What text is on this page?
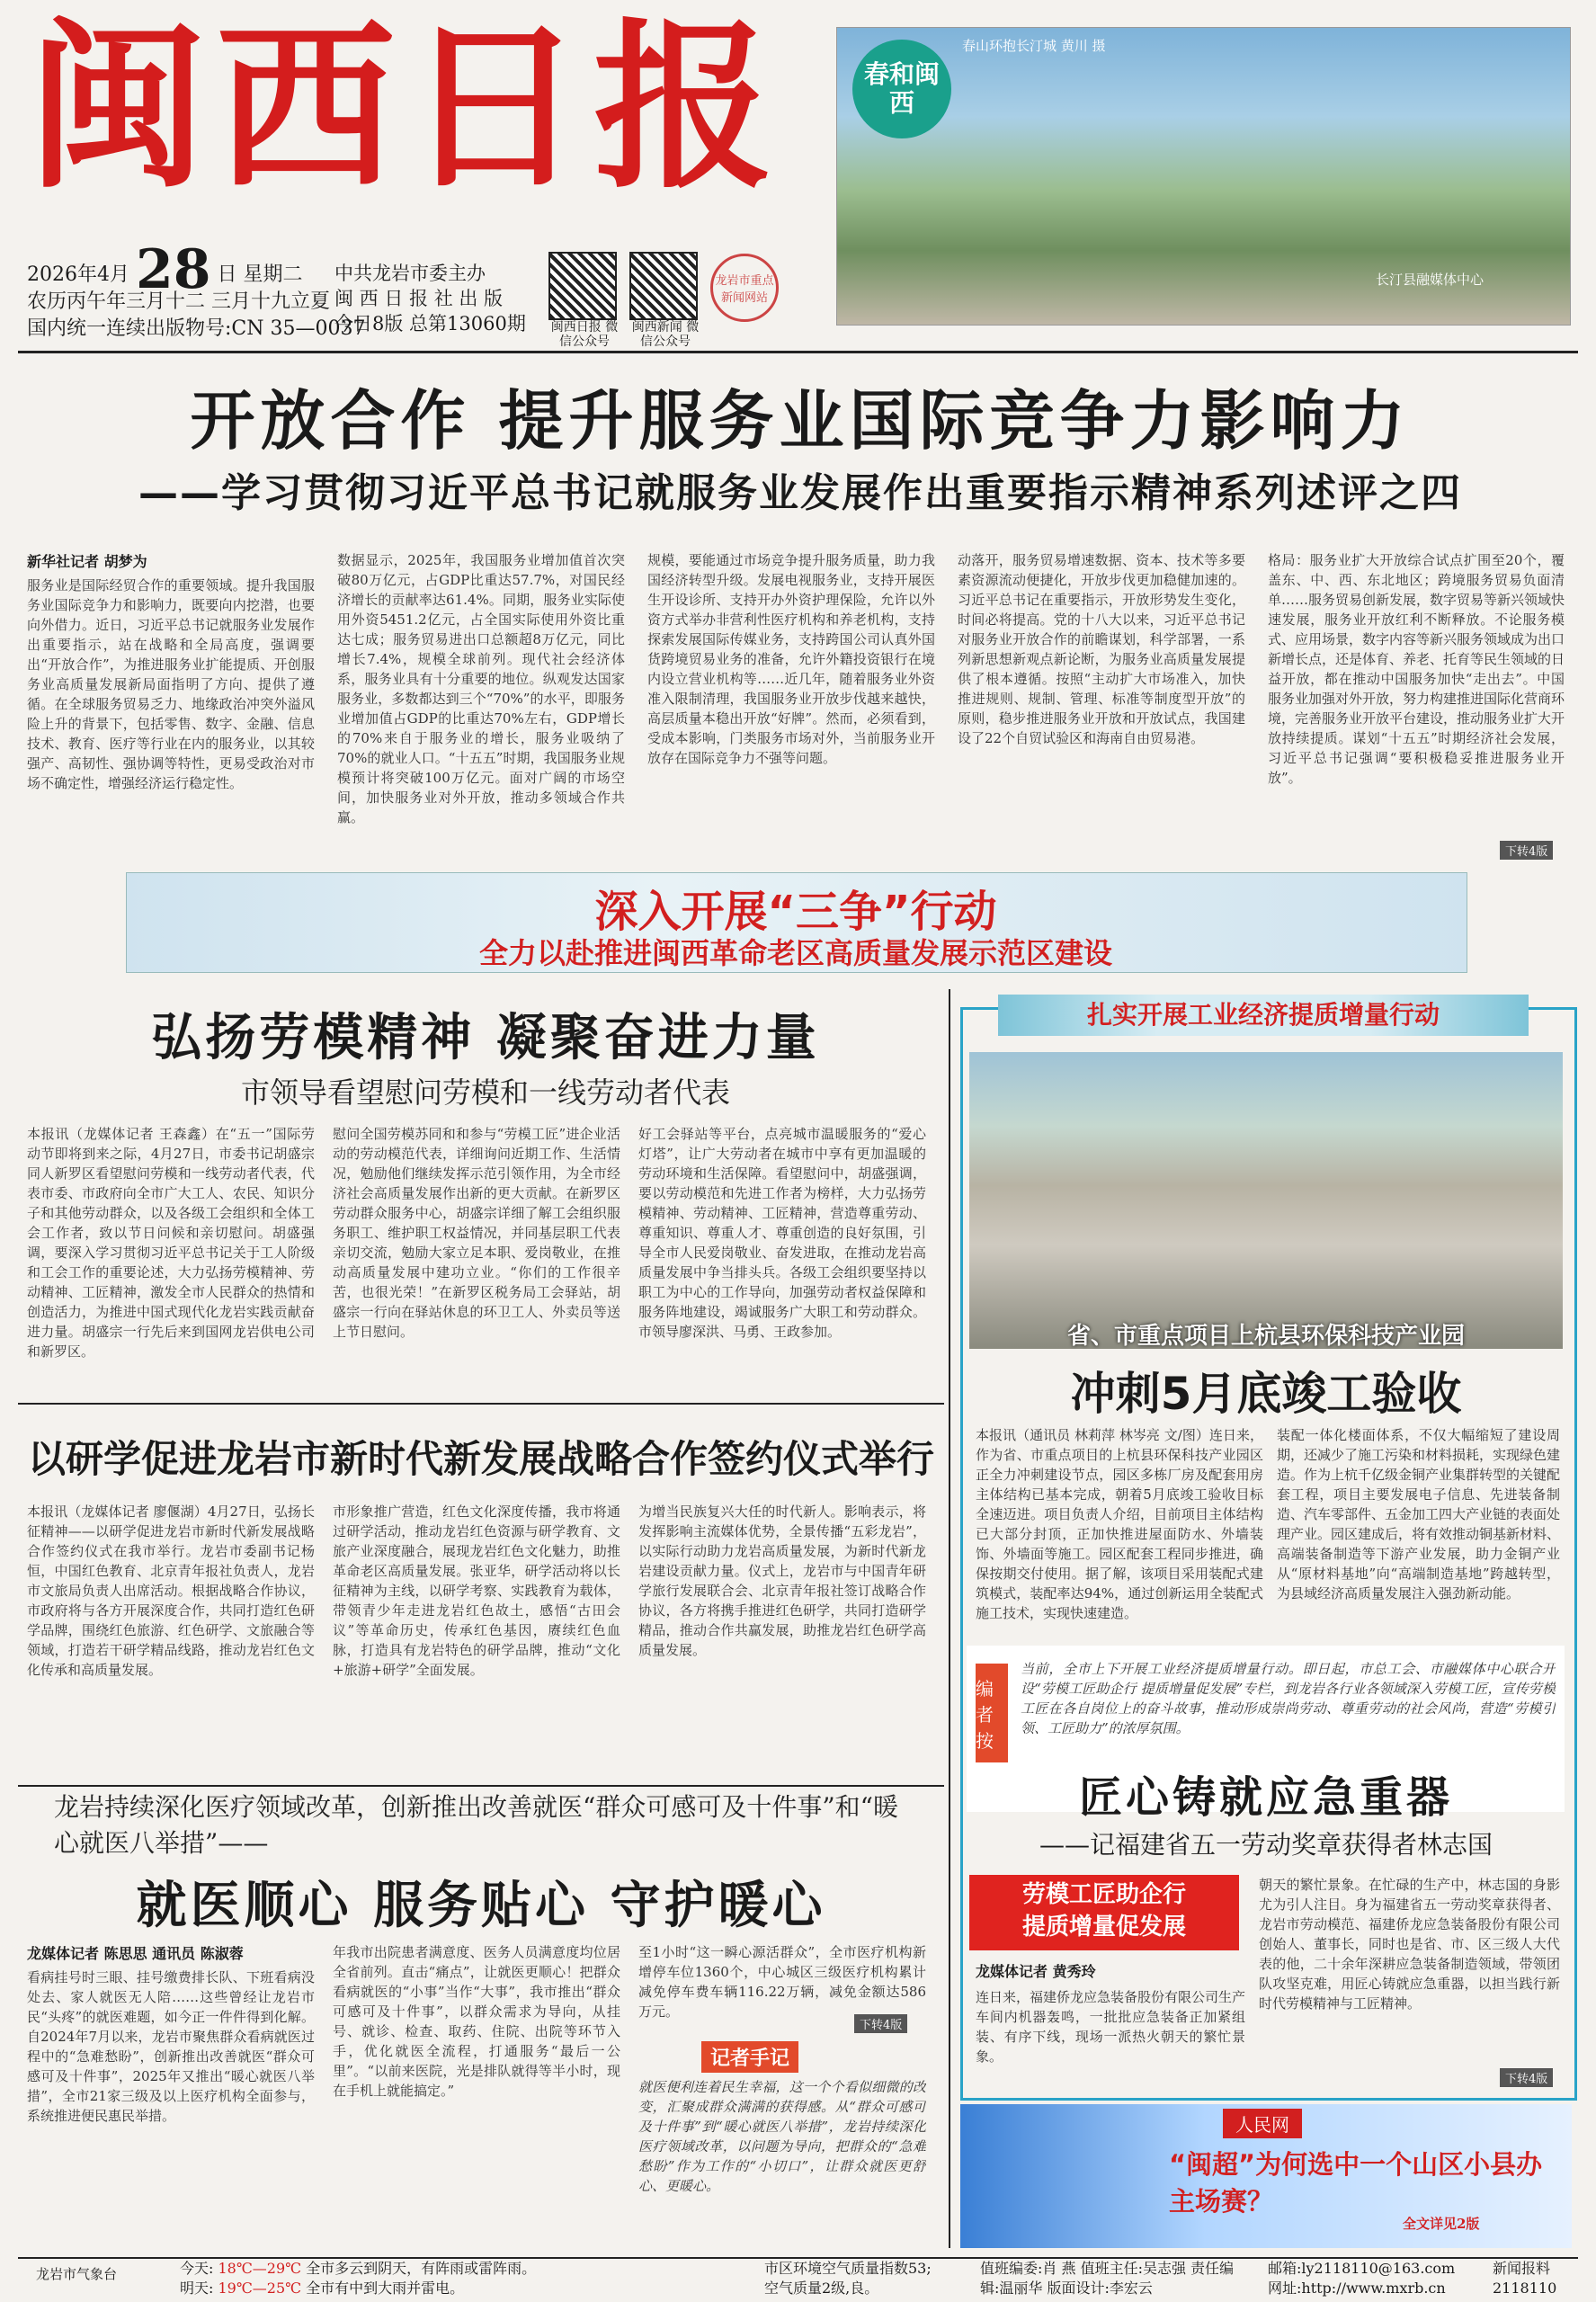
闽西日报
2026年4月 28 日 星期二
农历丙午年三月十二 三月十九立夏
国内统一连续出版物号:CN 35—0037
中共龙岩市委主办
闽 西 日 报 社 出 版
今日8版 总第13060期 闽西日报 微信公众号
闽西新闻 微信公众号
龙岩市重点新闻网站
春山环抱长汀城 黄川 摄
春和闽西
长汀县融媒体中心
开放合作 提升服务业国际竞争力影响力
——学习贯彻习近平总书记就服务业发展作出重要指示精神系列述评之四
新华社记者 胡梦为
服务业是国际经贸合作的重要领域。提升我国服务业国际竞争力和影响力，既要向内挖潜，也要向外借力。近日，习近平总书记就服务业发展作出重要指示，站在战略和全局高度，强调要出“开放合作”，为推进服务业扩能提质、开创服务业高质量发展新局面指明了方向、提供了遵循。在全球服务贸易乏力、地缘政治冲突外溢风险上升的背景下，包括零售、数字、金融、信息技术、教育、医疗等行业在内的服务业，以其较强产、高韧性、强协调等特性，更易受政治对市场不确定性，增强经济运行稳定性。
数据显示，2025年，我国服务业增加值首次突破80万亿元，占GDP比重达57.7%，对国民经济增长的贡献率达61.4%。同期，服务业实际使用外资5451.2亿元，占全国实际使用外资比重达七成；服务贸易进出口总额超8万亿元，同比增长7.4%，规模全球前列。现代社会经济体系，服务业具有十分重要的地位。纵观发达国家服务业，多数都达到三个“70%”的水平，即服务业增加值占GDP的比重达70%左右，GDP增长的70%来自于服务业的增长，服务业吸纳了70%的就业人口。“十五五”时期，我国服务业规模预计将突破100万亿元。面对广阔的市场空间，加快服务业对外开放，推动多领域合作共赢。
规模，要能通过市场竞争提升服务质量，助力我国经济转型升级。发展电视服务业，支持开展医生开设诊所、支持开办外资护理保险，允许以外资方式举办非营利性医疗机构和养老机构，支持探索发展国际传媒业务，支持跨国公司认真外国货跨境贸易业务的准备，允许外籍投资银行在境内设立营业机构等……近几年，随着服务业外资准入限制清理，我国服务业开放步伐越来越快，高层质量本稳出开放“好牌”。然而，必须看到，受成本影响，门类服务市场对外，当前服务业开放存在国际竞争力不强等问题。
动落开，服务贸易增速数据、资本、技术等多要素资源流动便捷化，开放步伐更加稳健加速的。习近平总书记在重要指示，开放形势发生变化，时间必将提高。党的十八大以来，习近平总书记对服务业开放合作的前瞻谋划，科学部署，一系列新思想新观点新论断，为服务业高质量发展提供了根本遵循。按照“主动扩大市场准入，加快推进规则、规制、管理、标准等制度型开放”的原则，稳步推进服务业开放和开放试点，我国建设了22个自贸试验区和海南自由贸易港。
格局：服务业扩大开放综合试点扩围至20个，覆盖东、中、西、东北地区；跨境服务贸易负面清单……服务贸易创新发展，数字贸易等新兴领域快速发展，服务业开放红利不断释放。不论服务模式、应用场景，数字内容等新兴服务领域成为出口新增长点，还是体育、养老、托育等民生领域的日益开放，都在推动中国服务加快“走出去”。中国服务业加强对外开放，努力构建推进国际化营商环境，完善服务业开放平台建设，推动服务业扩大开放持续提质。谋划“十五五”时期经济社会发展，习近平总书记强调“要积极稳妥推进服务业开放”。
下转4版
深入开展“三争”行动
全力以赴推进闽西革命老区高质量发展示范区建设
弘扬劳模精神 凝聚奋进力量
市领导看望慰问劳模和一线劳动者代表
本报讯（龙媒体记者 王森鑫）在“五一”国际劳动节即将到来之际，4月27日，市委书记胡盛宗同人新罗区看望慰问劳模和一线劳动者代表，代表市委、市政府向全市广大工人、农民、知识分子和其他劳动群众，以及各级工会组织和全体工会工作者，致以节日问候和亲切慰问。胡盛强调，要深入学习贯彻习近平总书记关于工人阶级和工会工作的重要论述，大力弘扬劳模精神、劳动精神、工匠精神，激发全市人民群众的热情和创造活力，为推进中国式现代化龙岩实践贡献奋进力量。胡盛宗一行先后来到国网龙岩供电公司和新罗区。
慰问全国劳模苏同和和参与“劳模工匠”进企业活动的劳动模范代表，详细询问近期工作、生活情况，勉励他们继续发挥示范引领作用，为全市经济社会高质量发展作出新的更大贡献。在新罗区劳动群众服务中心，胡盛宗详细了解工会组织服务职工、维护职工权益情况，并同基层职工代表亲切交流，勉励大家立足本职、爱岗敬业，在推动高质量发展中建功立业。“你们的工作很辛苦，也很光荣！”在新罗区税务局工会驿站，胡盛宗一行向在驿站休息的环卫工人、外卖员等送上节日慰问。
好工会驿站等平台，点亮城市温暖服务的“爱心灯塔”，让广大劳动者在城市中享有更加温暖的劳动环境和生活保障。看望慰问中，胡盛强调，要以劳动模范和先进工作者为榜样，大力弘扬劳模精神、劳动精神、工匠精神，营造尊重劳动、尊重知识、尊重人才、尊重创造的良好氛围，引导全市人民爱岗敬业、奋发进取，在推动龙岩高质量发展中争当排头兵。各级工会组织要坚持以职工为中心的工作导向，加强劳动者权益保障和服务阵地建设，竭诚服务广大职工和劳动群众。市领导廖深洪、马勇、王政参加。
以研学促进龙岩市新时代新发展战略合作签约仪式举行
本报讯（龙媒体记者 廖偃湖）4月27日，弘扬长征精神——以研学促进龙岩市新时代新发展战略合作签约仪式在我市举行。龙岩市委副书记杨恒，中国红色教育、北京青年报社负责人，龙岩市文旅局负责人出席活动。根据战略合作协议，市政府将与各方开展深度合作，共同打造红色研学品牌，围绕红色旅游、红色研学、文旅融合等领域，打造若干研学精品线路，推动龙岩红色文化传承和高质量发展。
市形象推广营造，红色文化深度传播，我市将通过研学活动，推动龙岩红色资源与研学教育、文旅产业深度融合，展现龙岩红色文化魅力，助推革命老区高质量发展。张亚华，研学活动将以长征精神为主线，以研学考察、实践教育为载体，带领青少年走进龙岩红色故土，感悟“古田会议”等革命历史，传承红色基因，赓续红色血脉，打造具有龙岩特色的研学品牌，推动“文化+旅游+研学”全面发展。
为增当民族复兴大任的时代新人。影响表示，将发挥影响主流媒体优势，全景传播“五彩龙岩”，以实际行动助力龙岩高质量发展，为新时代新龙岩建设贡献力量。仪式上，龙岩市与中国青年研学旅行发展联合会、北京青年报社签订战略合作协议，各方将携手推进红色研学，共同打造研学精品，推动合作共赢发展，助推龙岩红色研学高质量发展。
龙岩持续深化医疗领域改革，创新推出改善就医“群众可感可及十件事”和“暖心就医八举措”——
就医顺心 服务贴心 守护暖心
龙媒体记者 陈思思 通讯员 陈淑蓉
看病挂号时三眼、挂号缴费排长队、下班看病没处去、家人就医无人陪……这些曾经让龙岩市民“头疼”的就医难题，如今正一件件得到化解。自2024年7月以来，龙岩市聚焦群众看病就医过程中的“急难愁盼”，创新推出改善就医“群众可感可及十件事”，2025年又推出“暖心就医八举措”，全市21家三级及以上医疗机构全面参与，系统推进便民惠民举措。
年我市出院患者满意度、医务人员满意度均位居全省前列。直击“痛点”，让就医更顺心！把群众看病就医的“小事”当作“大事”，我市推出“群众可感可及十件事”，以群众需求为导向，从挂号、就诊、检查、取药、住院、出院等环节入手，优化就医全流程，打通服务“最后一公里”。“以前来医院，光是排队就得等半小时，现在手机上就能搞定。”
至1小时“这一瞬心源活群众”，全市医疗机构新增停车位1360个，中心城区三级医疗机构累计减免停车费车辆116.22万辆，减免金额达586万元。
下转4版
记者手记
就医便利连着民生幸福，这一个个看似细微的改变，汇聚成群众满满的获得感。从“群众可感可及十件事”到“暖心就医八举措”，龙岩持续深化医疗领域改革，以问题为导向，把群众的“急难愁盼”作为工作的“小切口”，让群众就医更舒心、更暖心。
扎实开展工业经济提质增量行动
省、市重点项目上杭县环保科技产业园
冲刺5月底竣工验收
本报讯（通讯员 林莉萍 林岑亮 文/图）连日来，作为省、市重点项目的上杭县环保科技产业园区正全力冲刺建设节点，园区多栋厂房及配套用房主体结构已基本完成，朝着5月底竣工验收目标全速迈进。项目负责人介绍，目前项目主体结构已大部分封顶，正加快推进屋面防水、外墙装饰、外墙面等施工。园区配套工程同步推进，确保按期交付使用。据了解，该项目采用装配式建筑模式，装配率达94%，通过创新运用全装配式施工技术，实现快速建造。
装配一体化楼面体系，不仅大幅缩短了建设周期，还减少了施工污染和材料损耗，实现绿色建造。作为上杭千亿级金铜产业集群转型的关键配套工程，项目主要发展电子信息、先进装备制造、汽车零部件、五金加工四大产业链的表面处理产业。园区建成后，将有效推动铜基新材料、高端装备制造等下游产业发展，助力金铜产业从“原材料基地”向“高端制造基地”跨越转型，为县域经济高质量发展注入强劲新动能。
编者按
当前，全市上下开展工业经济提质增量行动。即日起，市总工会、市融媒体中心联合开设“劳模工匠助企行 提质增量促发展”专栏，到龙岩各行业各领域深入劳模工匠，宣传劳模工匠在各自岗位上的奋斗故事，推动形成崇尚劳动、尊重劳动的社会风尚，营造“劳模引领、工匠助力”的浓厚氛围。
匠心铸就应急重器
——记福建省五一劳动奖章获得者林志国
劳模工匠助企行
提质增量促发展
龙媒体记者 黄秀玲
连日来，福建侨龙应急装备股份有限公司生产车间内机器轰鸣，一批批应急装备正加紧组装、有序下线，现场一派热火朝天的繁忙景象。
朝天的繁忙景象。在忙碌的生产中，林志国的身影尤为引人注目。身为福建省五一劳动奖章获得者、龙岩市劳动模范、福建侨龙应急装备股份有限公司创始人、董事长，同时也是省、市、区三级人大代表的他，二十余年深耕应急装备制造领域，带领团队攻坚克难，用匠心铸就应急重器，以担当践行新时代劳模精神与工匠精神。
下转4版
人民网
“闽超”为何选中一个山区小县办主场赛？
全文详见2版
龙岩市气象台	今天: 18℃—29℃ 全市多云到阴天，有阵雨或雷阵雨。
明天: 19℃—25℃ 全市有中到大雨并雷电。
市区环境空气质量指数53; 空气质量2级,良。
值班编委:肖 燕 值班主任:吴志强 责任编辑:温丽华 版面设计:李宏云
邮箱:ly2118110@163.com 网址:http://www.mxrb.cn
新闻报料 2118110
